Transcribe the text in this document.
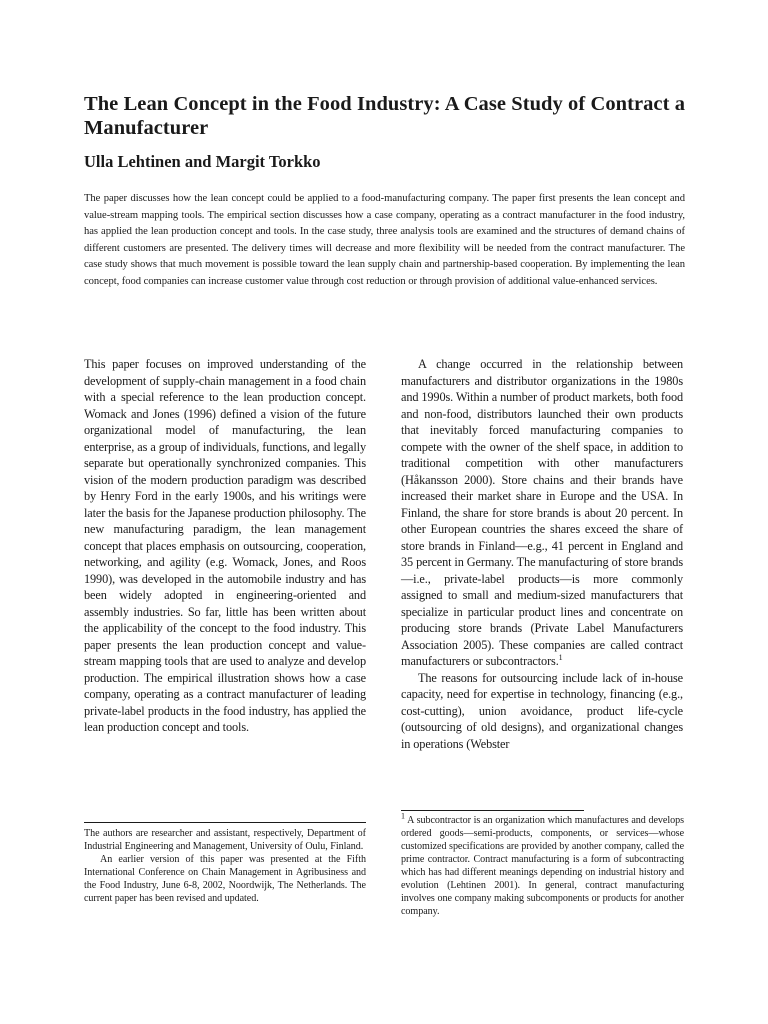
The Lean Concept in the Food Industry: A Case Study of Contract a Manufacturer
Ulla Lehtinen and Margit Torkko

The paper discusses how the lean concept could be applied to a food-manufacturing company. The paper first presents the lean concept and value-stream mapping tools. The empirical section discusses how a case company, operating as a contract manufacturer in the food industry, has applied the lean production concept and tools. In the case study, three analysis tools are examined and the structures of demand chains of different customers are presented. The delivery times will decrease and more flexibility will be needed from the contract manufacturer. The case study shows that much movement is possible toward the lean supply chain and partnership-based cooperation. By implementing the lean concept, food companies can increase customer value through cost reduction or through provision of additional value-enhanced services.

This paper focuses on improved understanding of the development of supply-chain management in a food chain with a special reference to the lean production concept. Womack and Jones (1996) defined a vision of the future organizational model of manufacturing, the lean enterprise, as a group of individuals, functions, and legally separate but operationally synchronized companies. This vision of the modern production paradigm was described by Henry Ford in the early 1900s, and his writings were later the basis for the Japanese production philosophy. The new manufacturing paradigm, the lean management concept that places emphasis on outsourcing, cooperation, networking, and agility (e.g. Womack, Jones, and Roos 1990), was developed in the automobile industry and has been widely adopted in engineering-oriented and assembly industries. So far, little has been written about the applicability of the concept to the food industry. This paper presents the lean production concept and value-stream mapping tools that are used to analyze and develop production. The empirical illustration shows how a case company, operating as a contract manufacturer of leading private-label products in the food industry, has applied the lean production concept and tools.

A change occurred in the relationship between manufacturers and distributor organizations in the 1980s and 1990s. Within a number of product markets, both food and non-food, distributors launched their own products that inevitably forced manufacturing companies to compete with the owner of the shelf space, in addition to traditional competition with other manufacturers (Håkansson 2000). Store chains and their brands have increased their market share in Europe and the USA. In Finland, the share for store brands is about 20 percent. In other European countries the shares exceed the share of store brands in Finland—e.g., 41 percent in England and 35 percent in Germany. The manufacturing of store brands—i.e., private-label products—is more commonly assigned to small and medium-sized manufacturers that specialize in particular product lines and concentrate on producing store brands (Private Label Manufacturers Association 2005). These companies are called contract manufacturers or subcontractors.$^1$

The reasons for outsourcing include lack of in-house capacity, need for expertise in technology, financing (e.g., cost-cutting), union avoidance, product life-cycle (outsourcing of old designs), and organizational changes in operations (Webster

The authors are researcher and assistant, respectively, Department of Industrial Engineering and Management, University of Oulu, Finland.

An earlier version of this paper was presented at the Fifth International Conference on Chain Management in Agribusiness and the Food Industry, June 6-8, 2002, Noordwijk, The Netherlands. The current paper has been revised and updated.

$^1$ A subcontractor is an organization which manufactures and develops ordered goods—semi-products, components, or services—whose customized specifications are provided by another company, called the prime contractor. Contract manufacturing is a form of subcontracting which has had different meanings depending on industrial history and evolution (Lehtinen 2001). In general, contract manufacturing involves one company making subcomponents or products for another company.
